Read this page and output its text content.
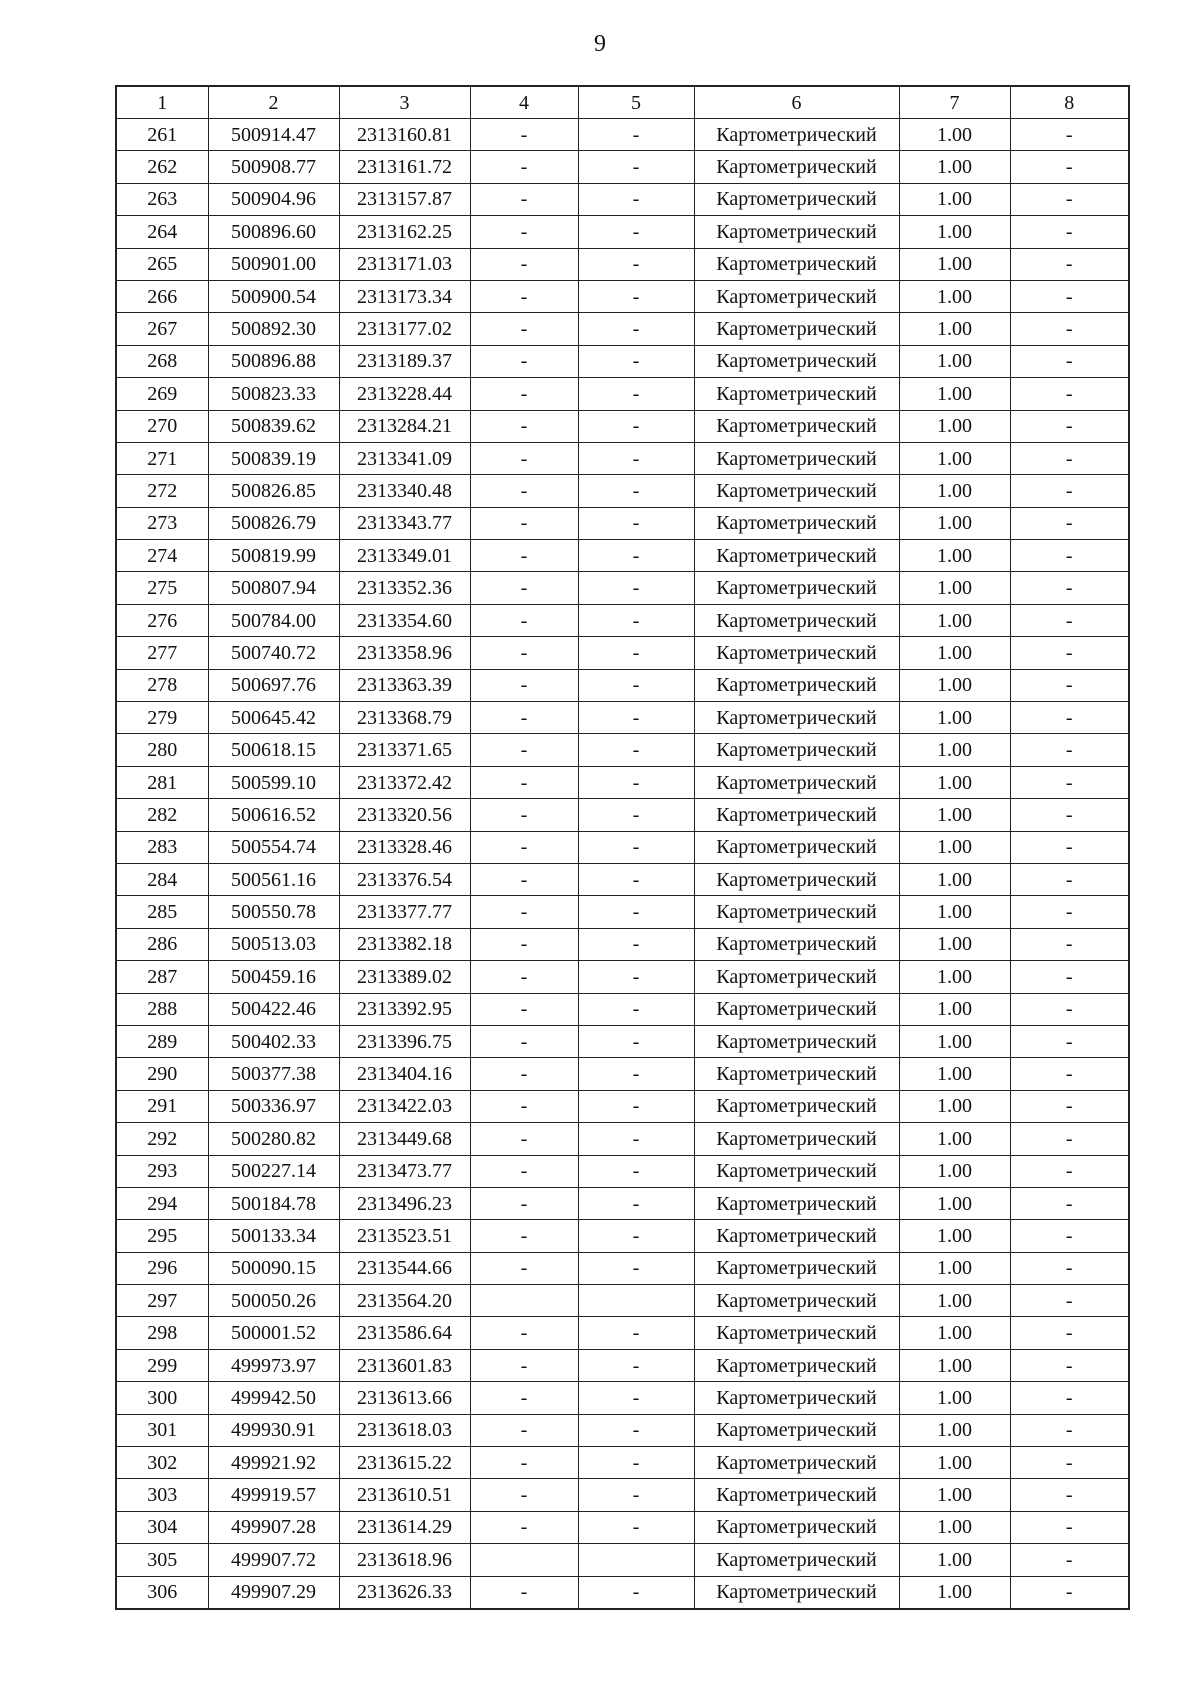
9
1	2	3	4	5	6	7	8
261	500914.47	2313160.81	-	-	Картометрический	1.00	-
262	500908.77	2313161.72	-	-	Картометрический	1.00	-
263	500904.96	2313157.87	-	-	Картометрический	1.00	-
264	500896.60	2313162.25	-	-	Картометрический	1.00	-
265	500901.00	2313171.03	-	-	Картометрический	1.00	-
266	500900.54	2313173.34	-	-	Картометрический	1.00	-
267	500892.30	2313177.02	-	-	Картометрический	1.00	-
268	500896.88	2313189.37	-	-	Картометрический	1.00	-
269	500823.33	2313228.44	-	-	Картометрический	1.00	-
270	500839.62	2313284.21	-	-	Картометрический	1.00	-
271	500839.19	2313341.09	-	-	Картометрический	1.00	-
272	500826.85	2313340.48	-	-	Картометрический	1.00	-
273	500826.79	2313343.77	-	-	Картометрический	1.00	-
274	500819.99	2313349.01	-	-	Картометрический	1.00	-
275	500807.94	2313352.36	-	-	Картометрический	1.00	-
276	500784.00	2313354.60	-	-	Картометрический	1.00	-
277	500740.72	2313358.96	-	-	Картометрический	1.00	-
278	500697.76	2313363.39	-	-	Картометрический	1.00	-
279	500645.42	2313368.79	-	-	Картометрический	1.00	-
280	500618.15	2313371.65	-	-	Картометрический	1.00	-
281	500599.10	2313372.42	-	-	Картометрический	1.00	-
282	500616.52	2313320.56	-	-	Картометрический	1.00	-
283	500554.74	2313328.46	-	-	Картометрический	1.00	-
284	500561.16	2313376.54	-	-	Картометрический	1.00	-
285	500550.78	2313377.77	-	-	Картометрический	1.00	-
286	500513.03	2313382.18	-	-	Картометрический	1.00	-
287	500459.16	2313389.02	-	-	Картометрический	1.00	-
288	500422.46	2313392.95	-	-	Картометрический	1.00	-
289	500402.33	2313396.75	-	-	Картометрический	1.00	-
290	500377.38	2313404.16	-	-	Картометрический	1.00	-
291	500336.97	2313422.03	-	-	Картометрический	1.00	-
292	500280.82	2313449.68	-	-	Картометрический	1.00	-
293	500227.14	2313473.77	-	-	Картометрический	1.00	-
294	500184.78	2313496.23	-	-	Картометрический	1.00	-
295	500133.34	2313523.51	-	-	Картометрический	1.00	-
296	500090.15	2313544.66	-	-	Картометрический	1.00	-
297	500050.26	2313564.20			Картометрический	1.00	-
298	500001.52	2313586.64	-	-	Картометрический	1.00	-
299	499973.97	2313601.83	-	-	Картометрический	1.00	-
300	499942.50	2313613.66	-	-	Картометрический	1.00	-
301	499930.91	2313618.03	-	-	Картометрический	1.00	-
302	499921.92	2313615.22	-	-	Картометрический	1.00	-
303	499919.57	2313610.51	-	-	Картометрический	1.00	-
304	499907.28	2313614.29	-	-	Картометрический	1.00	-
305	499907.72	2313618.96			Картометрический	1.00	-
306	499907.29	2313626.33	-	-	Картометрический	1.00	-
